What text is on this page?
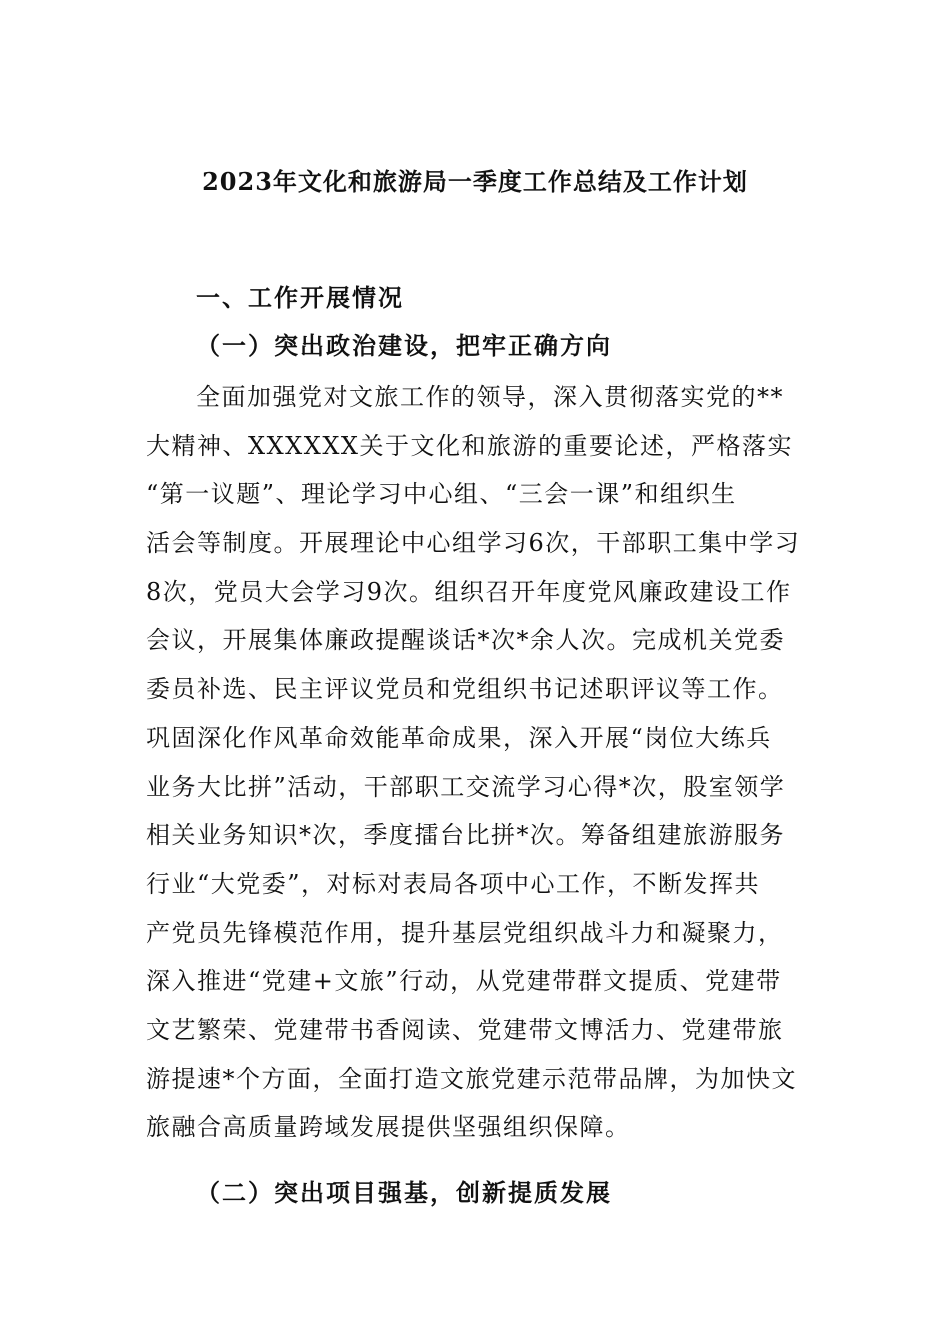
2023年文化和旅游局一季度工作总结及工作计划
一、工作开展情况
（一）突出政治建设，把牢正确方向
全面加强党对文旅工作的领导，深入贯彻落实党的**
大精神、XXXXXX关于文化和旅游的重要论述，严格落实
“第一议题”、理论学习中心组、“三会一课”和组织生
活会等制度。开展理论中心组学习6次，干部职工集中学习
8次，党员大会学习9次。组织召开年度党风廉政建设工作
会议，开展集体廉政提醒谈话*次*余人次。完成机关党委
委员补选、民主评议党员和党组织书记述职评议等工作。
巩固深化作风革命效能革命成果，深入开展“岗位大练兵
业务大比拼”活动，干部职工交流学习心得*次，股室领学
相关业务知识*次，季度擂台比拼*次。筹备组建旅游服务
行业“大党委”，对标对表局各项中心工作，不断发挥共
产党员先锋模范作用，提升基层党组织战斗力和凝聚力，
深入推进“党建+文旅”行动，从党建带群文提质、党建带
文艺繁荣、党建带书香阅读、党建带文博活力、党建带旅
游提速*个方面，全面打造文旅党建示范带品牌，为加快文
旅融合高质量跨域发展提供坚强组织保障。
（二）突出项目强基，创新提质发展
